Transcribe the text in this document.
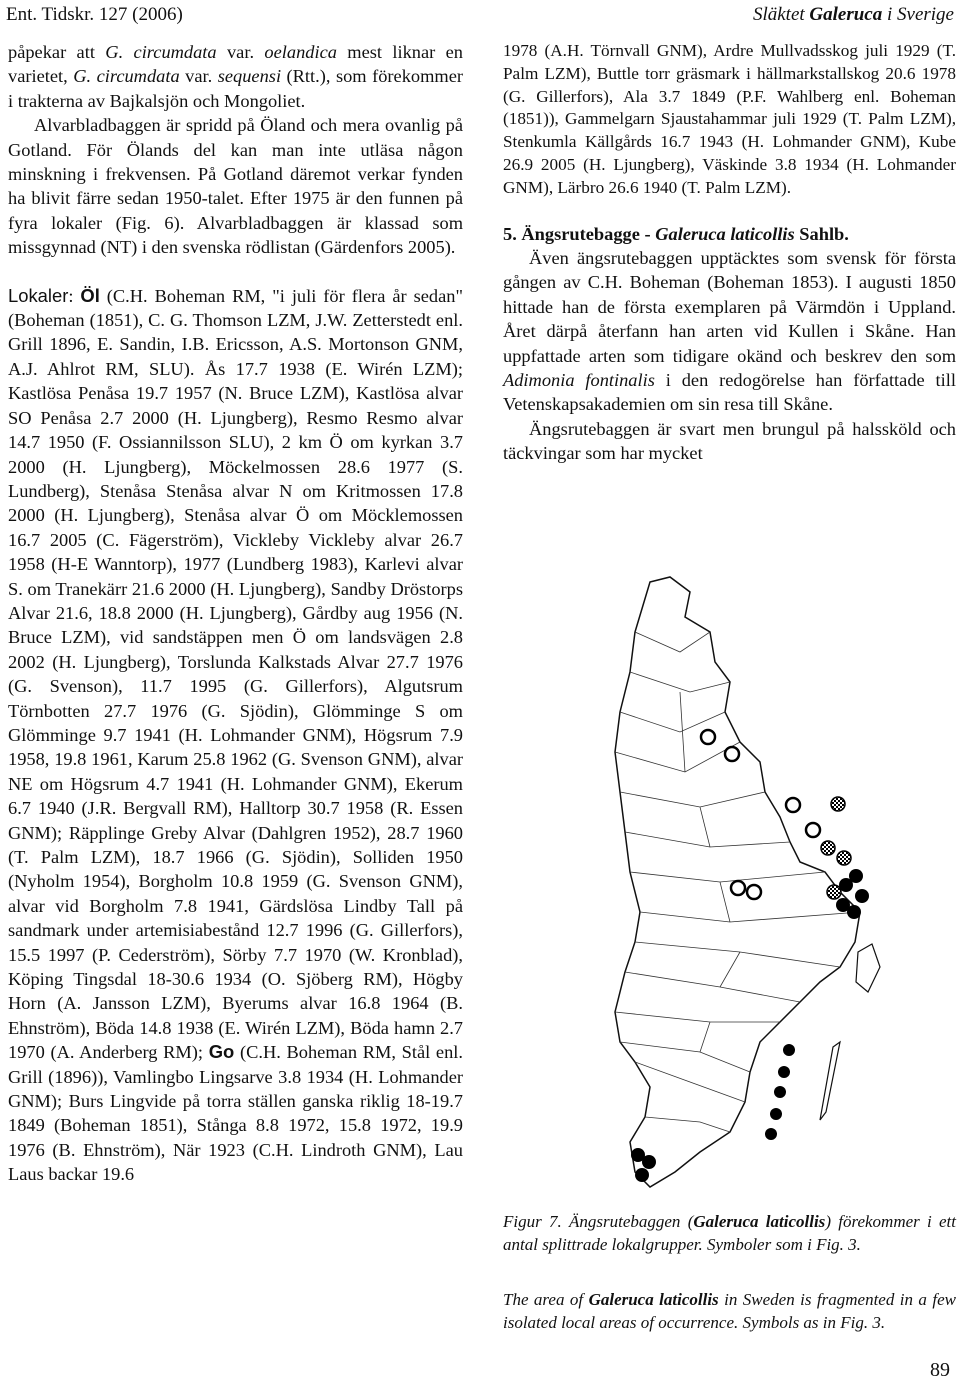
Ent. Tidskr. 127 (2006)	Släktet Galeruca i Sverige

påpekar att G. circumdata var. oelandica mest liknar en varietet, G. circumdata var. sequensi (Rtt.), som förekommer i trakterna av Bajkalsjön och Mongoliet.

Alvarbladbaggen är spridd på Öland och mera ovanlig på Gotland. För Ölands del kan man inte utläsa någon minskning i frekvensen. På Gotland däremot verkar fynden ha blivit färre sedan 1950-talet. Efter 1975 är den funnen på fyra lokaler (Fig. 6). Alvarbladbaggen är klassad som missgynnad (NT) i den svenska rödlistan (Gärdenfors 2005).

Lokaler: Öl (C.H. Boheman RM, "i juli för flera år sedan" (Boheman (1851), C. G. Thomson LZM, J.W. Zetterstedt enl. Grill 1896, E. Sandin, I.B. Ericsson, A.S. Mortonson GNM, A.J. Ahlrot RM, SLU). Ås 17.7 1938 (E. Wirén LZM); Kastlösa Penåsa 19.7 1957 (N. Bruce LZM), Kastlösa alvar SO Penåsa 2.7 2000 (H. Ljungberg), Resmo Resmo alvar 14.7 1950 (F. Ossiannilsson SLU), 2 km Ö om kyrkan 3.7 2000 (H. Ljungberg), Möckelmossen 28.6 1977 (S. Lundberg), Stenåsa Stenåsa alvar N om Kritmossen 17.8 2000 (H. Ljungberg), Stenåsa alvar Ö om Möcklemossen 16.7 2005 (C. Fägerström), Vickleby Vickleby alvar 26.7 1958 (H-E Wanntorp), 1977 (Lundberg 1983), Karlevi alvar S. om Tranekärr 21.6 2000 (H. Ljungberg), Sandby Dröstorps Alvar 21.6, 18.8 2000 (H. Ljungberg), Gårdby aug 1956 (N. Bruce LZM), vid sandstäppen men Ö om landsvägen 2.8 2002 (H. Ljungberg), Torslunda Kalkstads Alvar 27.7 1976 (G. Svenson), 11.7 1995 (G. Gillerfors), Algutsrum Törnbotten 27.7 1976 (G. Sjödin), Glömminge S om Glömminge 9.7 1941 (H. Lohmander GNM), Högsrum 7.9 1958, 19.8 1961, Karum 25.8 1962 (G. Svenson GNM), alvar NE om Högsrum 4.7 1941 (H. Lohmander GNM), Ekerum 6.7 1940 (J.R. Bergvall RM), Halltorp 30.7 1958 (R. Essen GNM); Räpplinge Greby Alvar (Dahlgren 1952), 28.7 1960 (T. Palm LZM), 18.7 1966 (G. Sjödin), Solliden 1950 (Nyholm 1954), Borgholm 10.8 1959 (G. Svenson GNM), alvar vid Borgholm 7.8 1941, Gärdslösa Lindby Tall på sandmark under artemisiabestånd 12.7 1996 (G. Gillerfors), 15.5 1997 (P. Cederström), Sörby 7.7 1970 (W. Kronblad), Köping Tingsdal 18-30.6 1934 (O. Sjöberg RM), Högby Horn (A. Jansson LZM), Byerums alvar 16.8 1964 (B. Ehnström), Böda 14.8 1938 (E. Wirén LZM), Böda hamn 2.7 1970 (A. Anderberg RM); Go (C.H. Boheman RM, Stål enl. Grill (1896)), Vamlingbo Lingsarve 3.8 1934 (H. Lohmander GNM); Burs Lingvide på torra ställen ganska riklig 18-19.7 1849 (Boheman 1851), Stånga 8.8 1972, 15.8 1972, 19.9 1976 (B. Ehnström), När 1923 (C.H. Lindroth GNM), Lau Laus backar 19.6

1978 (A.H. Törnvall GNM), Ardre Mullvadsskog juli 1929 (T. Palm LZM), Buttle torr gräsmark i hällmarkstallskog 20.6 1978 (G. Gillerfors), Ala 3.7 1849 (P.F. Wahlberg enl. Boheman (1851)), Gammelgarn Sjaustahammar juli 1929 (T. Palm LZM), Stenkumla Källgårds 16.7 1943 (H. Lohmander GNM), Kube 26.9 2005 (H. Ljungberg), Väskinde 3.8 1934 (H. Lohmander GNM), Lärbro 26.6 1940 (T. Palm LZM).

5. Ängsrutebagge - Galeruca laticollis Sahlb.

Även ängsrutebaggen upptäcktes som svensk för första gången av C.H. Boheman (Boheman 1853). I augusti 1850 hittade han de första exemplaren på Värmdön i Uppland. Året därpå återfann han arten vid Kullen i Skåne. Han uppfattade arten som tidigare okänd och beskrev den som Adimonia fontinalis i den redogörelse han författade till Vetenskapsakademien om sin resa till Skåne.

Ängsrutebaggen är svart men brungul på halssköld och täckvingar som har mycket

Figur 7. Ängsrutebaggen (Galeruca laticollis) förekommer i ett antal splittrade lokalgrupper. Symboler som i Fig. 3.
The area of Galeruca laticollis in Sweden is fragmented in a few isolated local areas of occurrence. Symbols as in Fig. 3.
89
